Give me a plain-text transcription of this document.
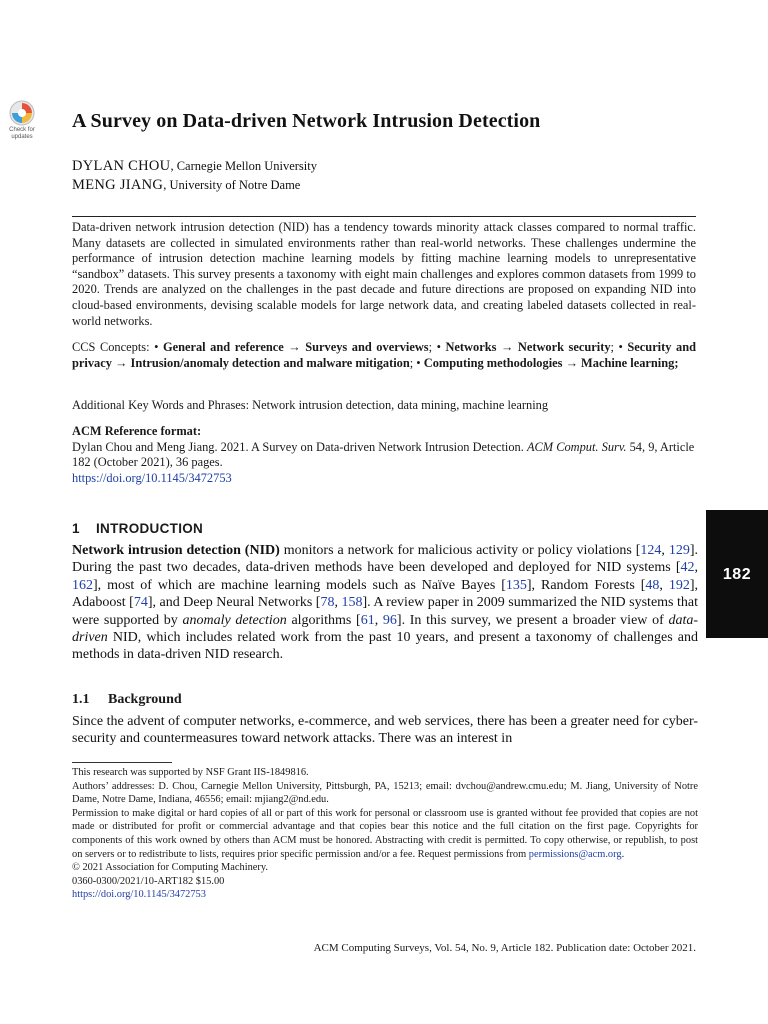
Check for
updates
A Survey on Data-driven Network Intrusion Detection
DYLAN CHOU, Carnegie Mellon University
MENG JIANG, University of Notre Dame

Data-driven network intrusion detection (NID) has a tendency towards minority attack classes compared to normal traffic. Many datasets are collected in simulated environments rather than real-world networks. These challenges undermine the performance of intrusion detection machine learning models by fitting machine learning models to unrepresentative “sandbox” datasets. This survey presents a taxonomy with eight main challenges and explores common datasets from 1999 to 2020. Trends are analyzed on the challenges in the past decade and future directions are proposed on expanding NID into cloud-based environments, devising scalable models for large network data, and creating labeled datasets collected in real-world networks.

CCS Concepts: • General and reference → Surveys and overviews; • Networks → Network security; • Security and privacy → Intrusion/anomaly detection and malware mitigation; • Computing methodologies → Machine learning;

Additional Key Words and Phrases: Network intrusion detection, data mining, machine learning

ACM Reference format:
Dylan Chou and Meng Jiang. 2021. A Survey on Data-driven Network Intrusion Detection. ACM Comput. Surv. 54, 9, Article 182 (October 2021), 36 pages.
https://doi.org/10.1145/3472753
1 INTRODUCTION

Network intrusion detection (NID) monitors a network for malicious activity or policy violations [124, 129]. During the past two decades, data-driven methods have been developed and deployed for NID systems [42, 162], most of which are machine learning models such as Naïve Bayes [135], Random Forests [48, 192], Adaboost [74], and Deep Neural Networks [78, 158]. A review paper in 2009 summarized the NID systems that were supported by anomaly detection algorithms [61, 96]. In this survey, we present a broader view of data-driven NID, which includes related work from the past 10 years, and present a taxonomy of challenges and methods in data-driven NID research.

1.1 Background

Since the advent of computer networks, e-commerce, and web services, there has been a greater need for cyber-security and countermeasures toward network attacks. There was an interest in

182
This research was supported by NSF Grant IIS-1849816.
Authors’ addresses: D. Chou, Carnegie Mellon University, Pittsburgh, PA, 15213; email: dvchou@andrew.cmu.edu; M. Jiang, University of Notre Dame, Notre Dame, Indiana, 46556; email: mjiang2@nd.edu.
Permission to make digital or hard copies of all or part of this work for personal or classroom use is granted without fee provided that copies are not made or distributed for profit or commercial advantage and that copies bear this notice and the full citation on the first page. Copyrights for components of this work owned by others than ACM must be honored. Abstracting with credit is permitted. To copy otherwise, or republish, to post on servers or to redistribute to lists, requires prior specific permission and/or a fee. Request permissions from permissions@acm.org.
© 2021 Association for Computing Machinery.
0360-0300/2021/10-ART182 $15.00
https://doi.org/10.1145/3472753
ACM Computing Surveys, Vol. 54, No. 9, Article 182. Publication date: October 2021.
